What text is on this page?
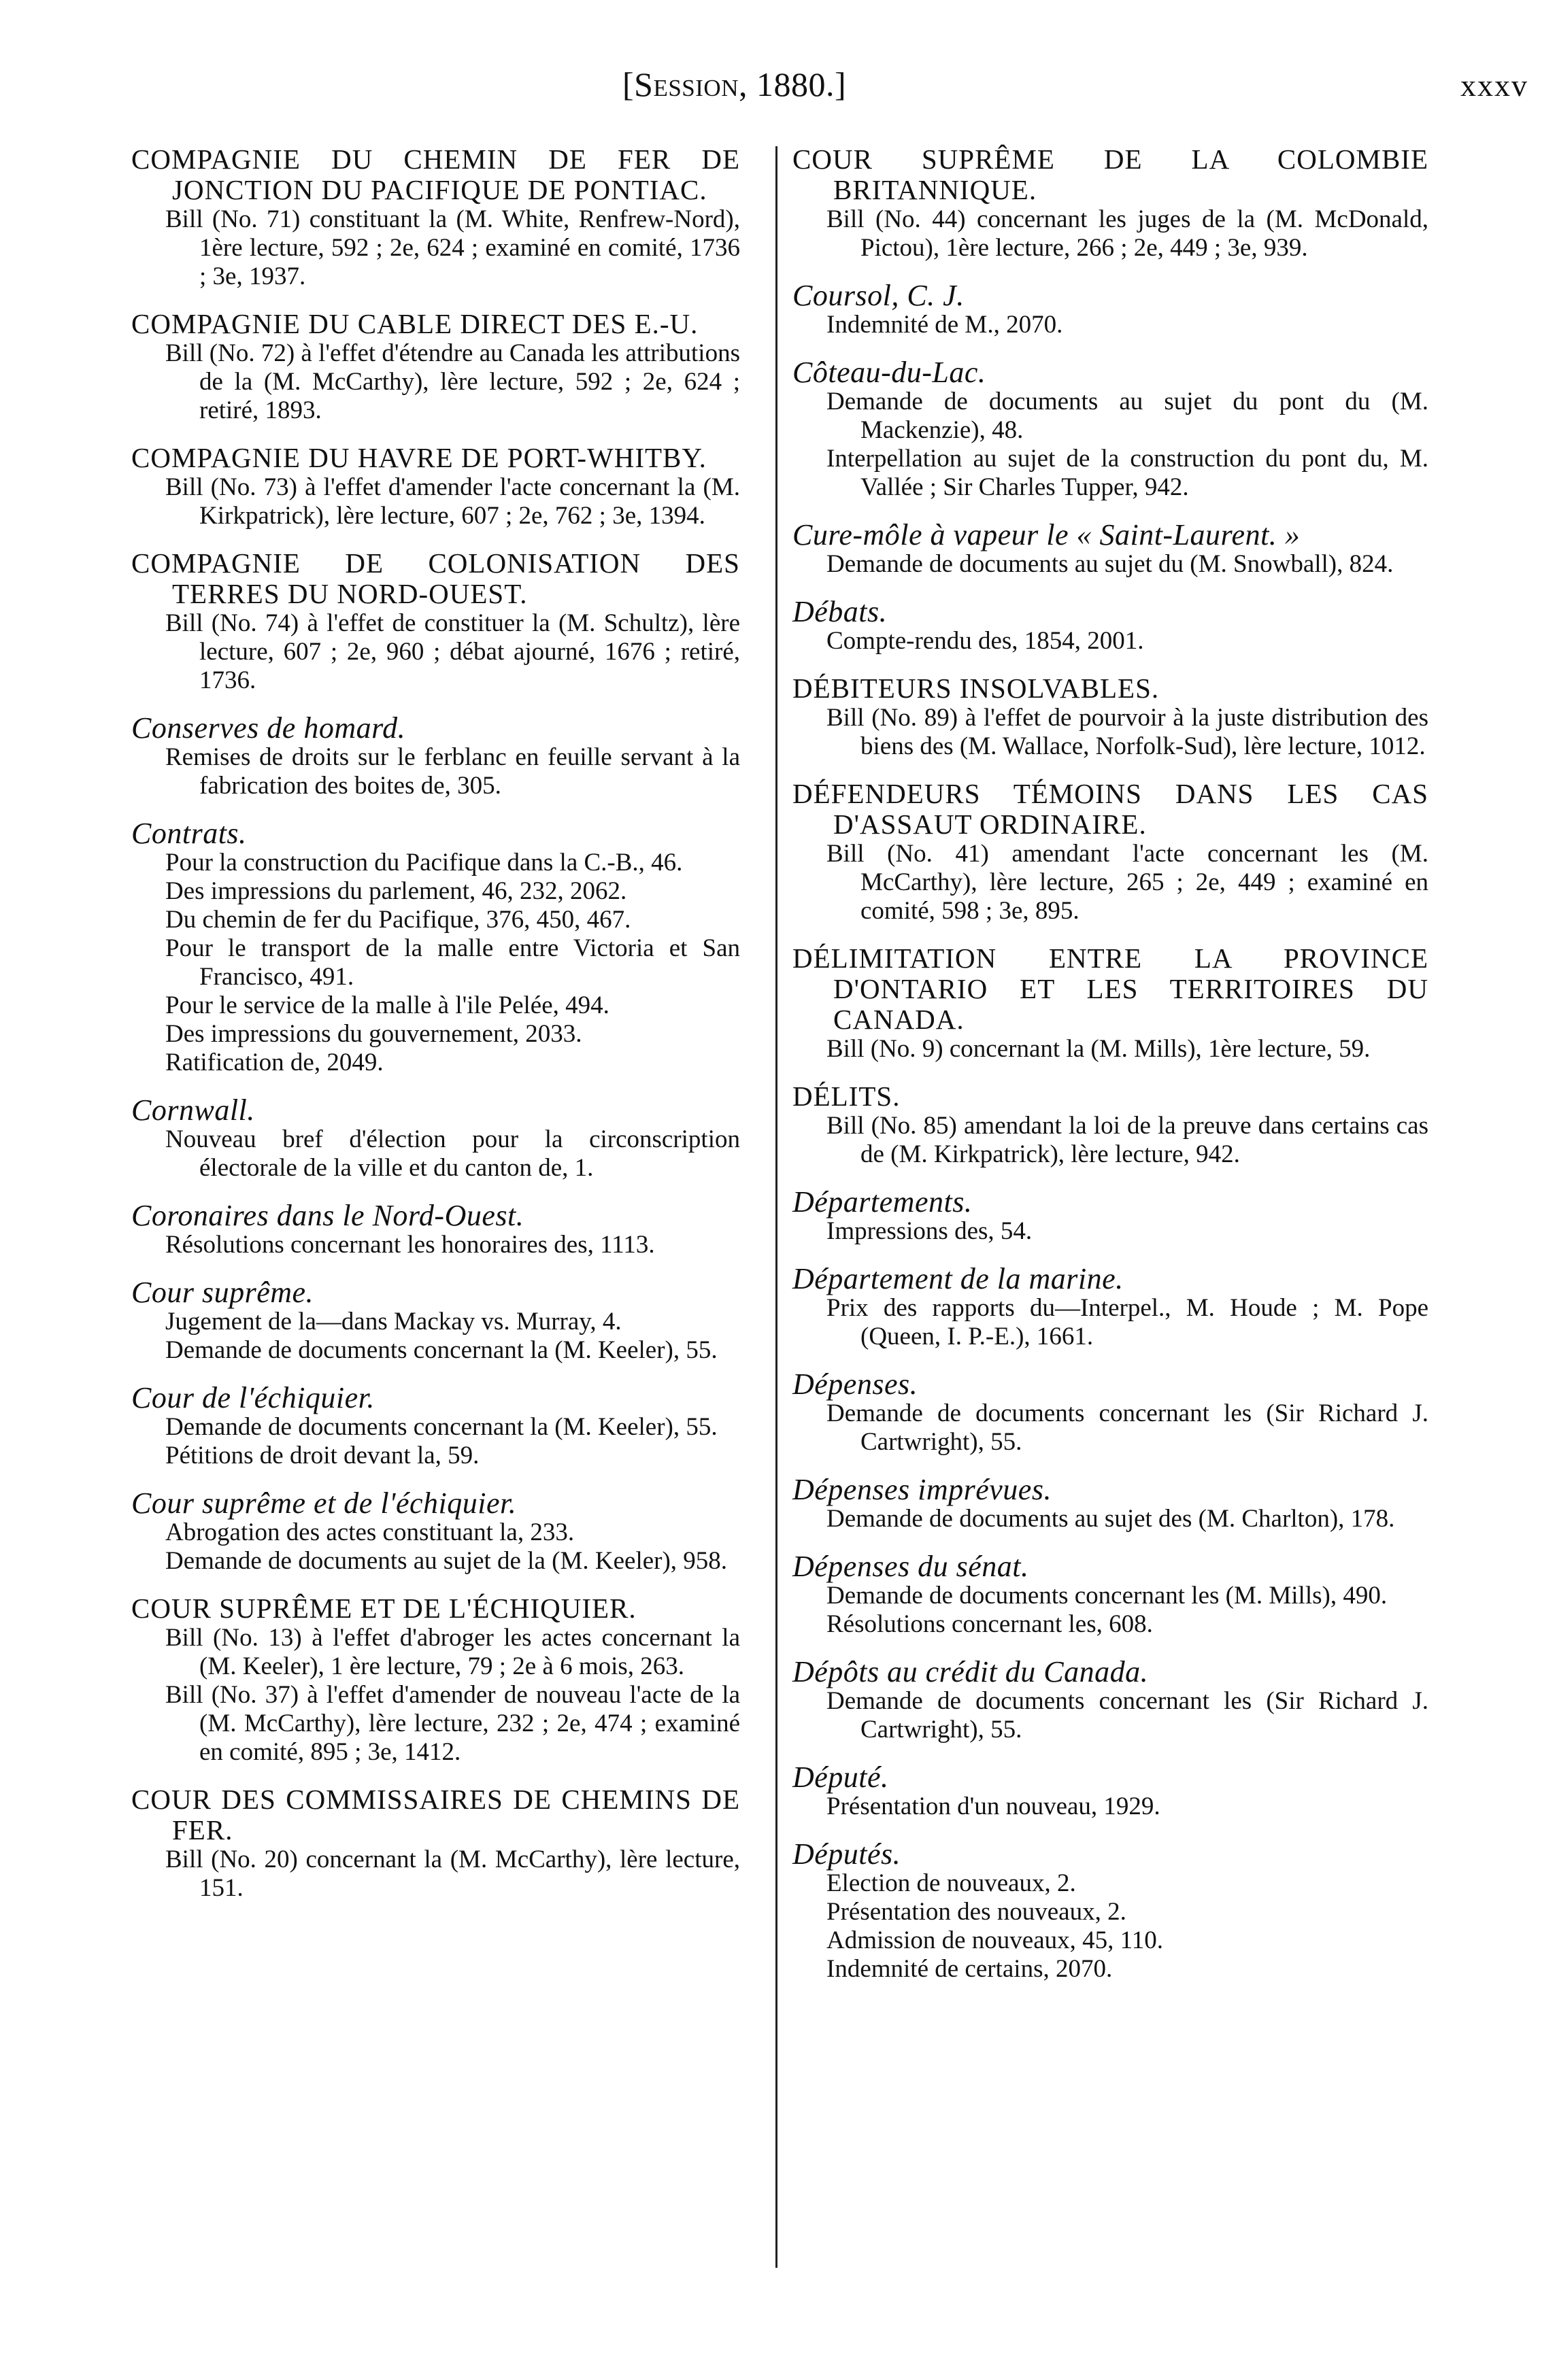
[Session, 1880.]	xxxv
COMPAGNIE DU CHEMIN DE FER DE JONCTION DU PACIFIQUE DE PONTIAC.
Bill (No. 71) constituant la (M. White, Renfrew-Nord), 1ère lecture, 592 ; 2e, 624 ; examiné en comité, 1736 ; 3e, 1937.
COMPAGNIE DU CABLE DIRECT DES E.-U.
Bill (No. 72) à l'effet d'étendre au Canada les attributions de la (M. McCarthy), lère lecture, 592 ; 2e, 624 ; retiré, 1893.
COMPAGNIE DU HAVRE DE PORT-WHITBY.
Bill (No. 73) à l'effet d'amender l'acte concernant la (M. Kirkpatrick), lère lecture, 607 ; 2e, 762 ; 3e, 1394.
COMPAGNIE DE COLONISATION DES TERRES DU NORD-OUEST.
Bill (No. 74) à l'effet de constituer la (M. Schultz), lère lecture, 607 ; 2e, 960 ; débat ajourné, 1676 ; retiré, 1736.
Conserves de homard.
Remises de droits sur le ferblanc en feuille servant à la fabrication des boites de, 305.
Contrats.
Pour la construction du Pacifique dans la C.-B., 46.
Des impressions du parlement, 46, 232, 2062.
Du chemin de fer du Pacifique, 376, 450, 467.
Pour le transport de la malle entre Victoria et San Francisco, 491.
Pour le service de la malle à l'ile Pelée, 494.
Des impressions du gouvernement, 2033.
Ratification de, 2049.
Cornwall.
Nouveau bref d'élection pour la circonscription électorale de la ville et du canton de, 1.
Coronaires dans le Nord-Ouest.
Résolutions concernant les honoraires des, 1113.
Cour suprême.
Jugement de la—dans Mackay vs. Murray, 4.
Demande de documents concernant la (M. Keeler), 55.
Cour de l'échiquier.
Demande de documents concernant la (M. Keeler), 55.
Pétitions de droit devant la, 59.
Cour suprême et de l'échiquier.
Abrogation des actes constituant la, 233.
Demande de documents au sujet de la (M. Keeler), 958.
COUR SUPRÊME ET DE L'ÉCHIQUIER.
Bill (No. 13) à l'effet d'abroger les actes concernant la (M. Keeler), 1 ère lecture, 79 ; 2e à 6 mois, 263.
Bill (No. 37) à l'effet d'amender de nouveau l'acte de la (M. McCarthy), lère lecture, 232 ; 2e, 474 ; examiné en comité, 895 ; 3e, 1412.
COUR DES COMMISSAIRES DE CHEMINS DE FER.
Bill (No. 20) concernant la (M. McCarthy), lère lecture, 151.
COUR SUPRÊME DE LA COLOMBIE BRITANNIQUE.
Bill (No. 44) concernant les juges de la (M. McDonald, Pictou), 1ère lecture, 266 ; 2e, 449 ; 3e, 939.
Coursol, C. J.
Indemnité de M., 2070.
Côteau-du-Lac.
Demande de documents au sujet du pont du (M. Mackenzie), 48.
Interpellation au sujet de la construction du pont du, M. Vallée ; Sir Charles Tupper, 942.
Cure-môle à vapeur le « Saint-Laurent. »
Demande de documents au sujet du (M. Snowball), 824.
Débats.
Compte-rendu des, 1854, 2001.
DÉBITEURS INSOLVABLES.
Bill (No. 89) à l'effet de pourvoir à la juste distribution des biens des (M. Wallace, Norfolk-Sud), lère lecture, 1012.
DÉFENDEURS TÉMOINS DANS LES CAS D'ASSAUT ORDINAIRE.
Bill (No. 41) amendant l'acte concernant les (M. McCarthy), lère lecture, 265 ; 2e, 449 ; examiné en comité, 598 ; 3e, 895.
DÉLIMITATION ENTRE LA PROVINCE D'ONTARIO ET LES TERRITOIRES DU CANADA.
Bill (No. 9) concernant la (M. Mills), 1ère lecture, 59.
DÉLITS.
Bill (No. 85) amendant la loi de la preuve dans certains cas de (M. Kirkpatrick), lère lecture, 942.
Départements.
Impressions des, 54.
Département de la marine.
Prix des rapports du—Interpel., M. Houde ; M. Pope (Queen, I. P.-E.), 1661.
Dépenses.
Demande de documents concernant les (Sir Richard J. Cartwright), 55.
Dépenses imprévues.
Demande de documents au sujet des (M. Charlton), 178.
Dépenses du sénat.
Demande de documents concernant les (M. Mills), 490.
Résolutions concernant les, 608.
Dépôts au crédit du Canada.
Demande de documents concernant les (Sir Richard J. Cartwright), 55.
Député.
Présentation d'un nouveau, 1929.
Députés.
Election de nouveaux, 2.
Présentation des nouveaux, 2.
Admission de nouveaux, 45, 110.
Indemnité de certains, 2070.
